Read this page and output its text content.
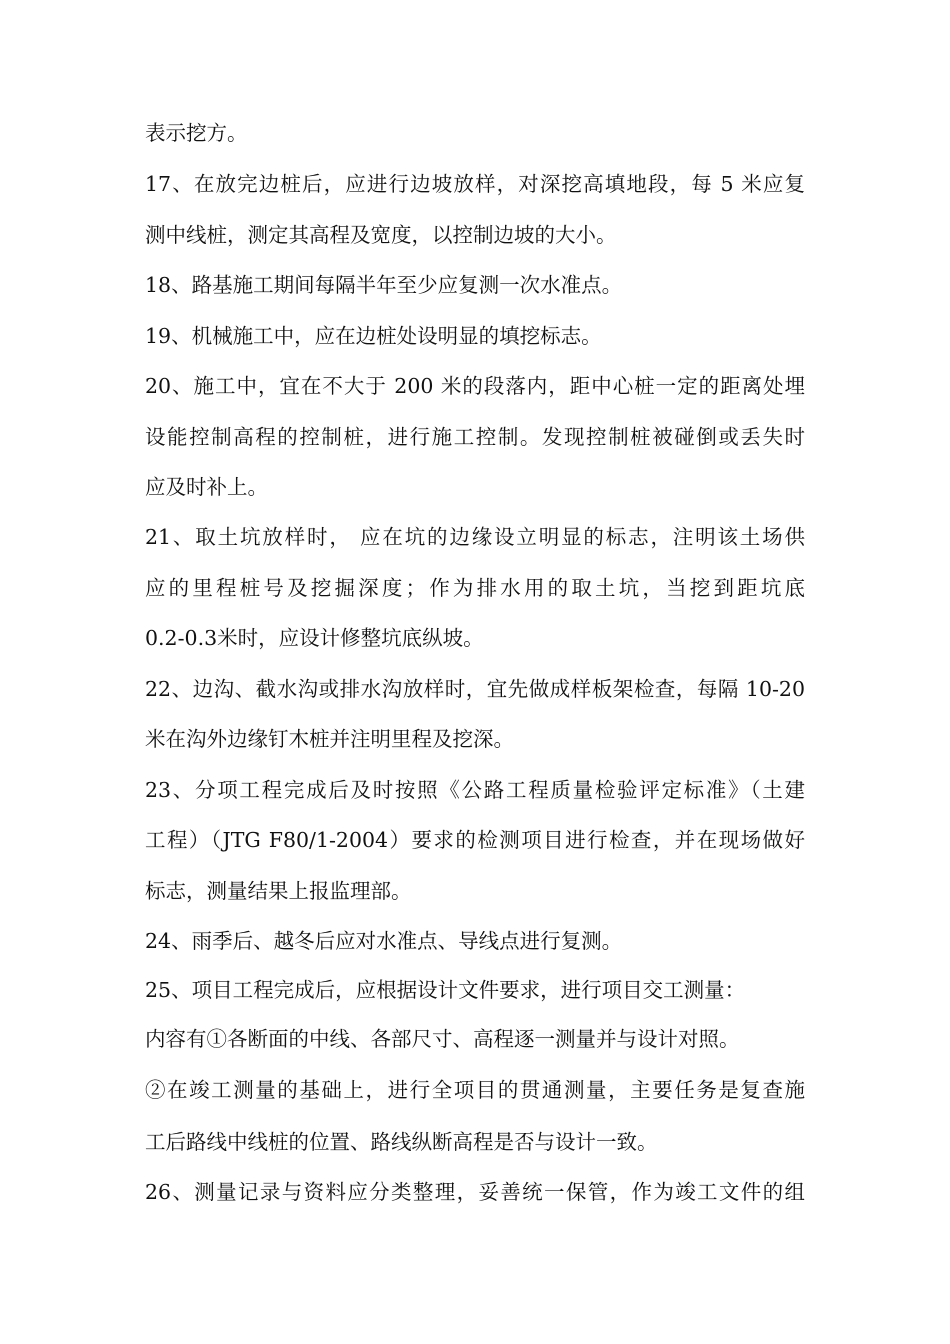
表示挖方。
17、在放完边桩后，应进行边坡放样，对深挖高填地段，每 5 米应复
测中线桩，测定其高程及宽度，以控制边坡的大小。
18、路基施工期间每隔半年至少应复测一次水准点。
19、机械施工中，应在边桩处设明显的填挖标志。
20、施工中，宜在不大于 200 米的段落内，距中心桩一定的距离处埋
设能控制高程的控制桩，进行施工控制。发现控制桩被碰倒或丢失时
应及时补上。
21、取土坑放样时， 应在坑的边缘设立明显的标志，注明该土场供
应的里程桩号及挖掘深度；作为排水用的取土坑，当挖到距坑底
0.2-0.3米时，应设计修整坑底纵坡。
22、边沟、截水沟或排水沟放样时，宜先做成样板架检查，每隔 10-20
米在沟外边缘钉木桩并注明里程及挖深。
23、分项工程完成后及时按照《公路工程质量检验评定标准》（土建
工程）（JTG F80/1-2004）要求的检测项目进行检查，并在现场做好
标志，测量结果上报监理部。
24、雨季后、越冬后应对水准点、导线点进行复测。
25、项目工程完成后，应根据设计文件要求，进行项目交工测量：
内容有①各断面的中线、各部尺寸、高程逐一测量并与设计对照。
②在竣工测量的基础上，进行全项目的贯通测量，主要任务是复查施
工后路线中线桩的位置、路线纵断高程是否与设计一致。
26、测量记录与资料应分类整理，妥善统一保管，作为竣工文件的组
